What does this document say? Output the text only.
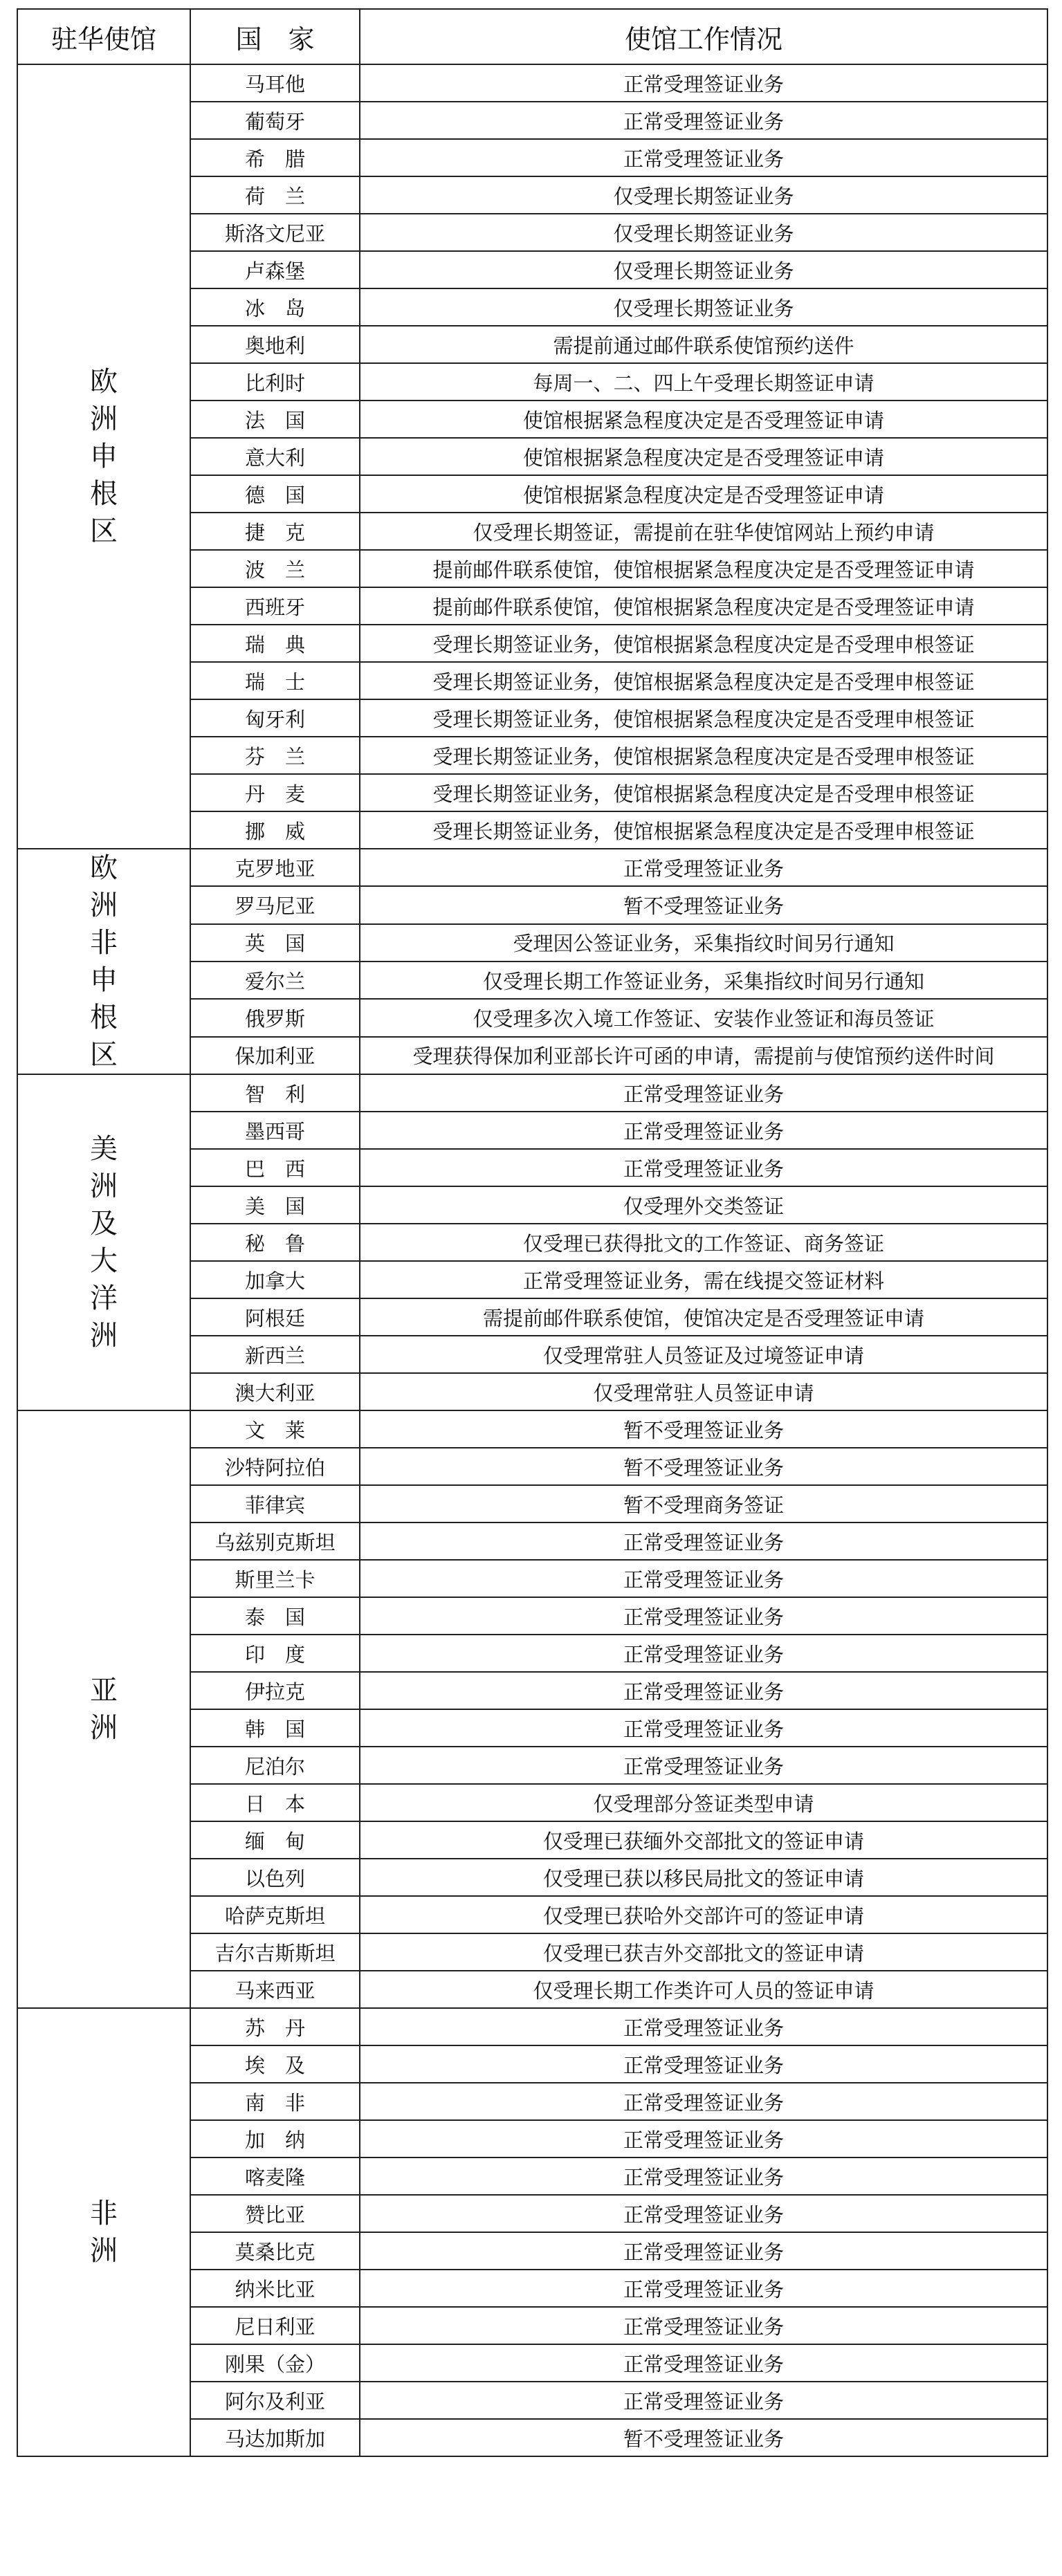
驻华使馆	国　家	使馆工作情况
欧洲申根区	马耳他	正常受理签证业务
	葡萄牙	正常受理签证业务
	希　腊	正常受理签证业务
	荷　兰	仅受理长期签证业务
	斯洛文尼亚	仅受理长期签证业务
	卢森堡	仅受理长期签证业务
	冰　岛	仅受理长期签证业务
	奥地利	需提前通过邮件联系使馆预约送件
	比利时	每周一、二、四上午受理长期签证申请
	法　国	使馆根据紧急程度决定是否受理签证申请
	意大利	使馆根据紧急程度决定是否受理签证申请
	德　国	使馆根据紧急程度决定是否受理签证申请
	捷　克	仅受理长期签证，需提前在驻华使馆网站上预约申请
	波　兰	提前邮件联系使馆，使馆根据紧急程度决定是否受理签证申请
	西班牙	提前邮件联系使馆，使馆根据紧急程度决定是否受理签证申请
	瑞　典	受理长期签证业务，使馆根据紧急程度决定是否受理申根签证
	瑞　士	受理长期签证业务，使馆根据紧急程度决定是否受理申根签证
	匈牙利	受理长期签证业务，使馆根据紧急程度决定是否受理申根签证
	芬　兰	受理长期签证业务，使馆根据紧急程度决定是否受理申根签证
	丹　麦	受理长期签证业务，使馆根据紧急程度决定是否受理申根签证
	挪　威	受理长期签证业务，使馆根据紧急程度决定是否受理申根签证
欧洲非申根区	克罗地亚	正常受理签证业务
	罗马尼亚	暂不受理签证业务
	英　国	受理因公签证业务，采集指纹时间另行通知
	爱尔兰	仅受理长期工作签证业务，采集指纹时间另行通知
	俄罗斯	仅受理多次入境工作签证、安装作业签证和海员签证
	保加利亚	受理获得保加利亚部长许可函的申请，需提前与使馆预约送件时间
美洲及大洋洲	智　利	正常受理签证业务
	墨西哥	正常受理签证业务
	巴　西	正常受理签证业务
	美　国	仅受理外交类签证
	秘　鲁	仅受理已获得批文的工作签证、商务签证
	加拿大	正常受理签证业务，需在线提交签证材料
	阿根廷	需提前邮件联系使馆，使馆决定是否受理签证申请
	新西兰	仅受理常驻人员签证及过境签证申请
	澳大利亚	仅受理常驻人员签证申请
亚　洲	文　莱	暂不受理签证业务
	沙特阿拉伯	暂不受理签证业务
	菲律宾	暂不受理商务签证
	乌兹别克斯坦	正常受理签证业务
	斯里兰卡	正常受理签证业务
	泰　国	正常受理签证业务
	印　度	正常受理签证业务
	伊拉克	正常受理签证业务
	韩　国	正常受理签证业务
	尼泊尔	正常受理签证业务
	日　本	仅受理部分签证类型申请
	缅　甸	仅受理已获缅外交部批文的签证申请
	以色列	仅受理已获以移民局批文的签证申请
	哈萨克斯坦	仅受理已获哈外交部许可的签证申请
	吉尔吉斯斯坦	仅受理已获吉外交部批文的签证申请
	马来西亚	仅受理长期工作类许可人员的签证申请
非　洲	苏　丹	正常受理签证业务
	埃　及	正常受理签证业务
	南　非	正常受理签证业务
	加　纳	正常受理签证业务
	喀麦隆	正常受理签证业务
	赞比亚	正常受理签证业务
	莫桑比克	正常受理签证业务
	纳米比亚	正常受理签证业务
	尼日利亚	正常受理签证业务
	刚果（金）	正常受理签证业务
	阿尔及利亚	正常受理签证业务
	马达加斯加	暂不受理签证业务
